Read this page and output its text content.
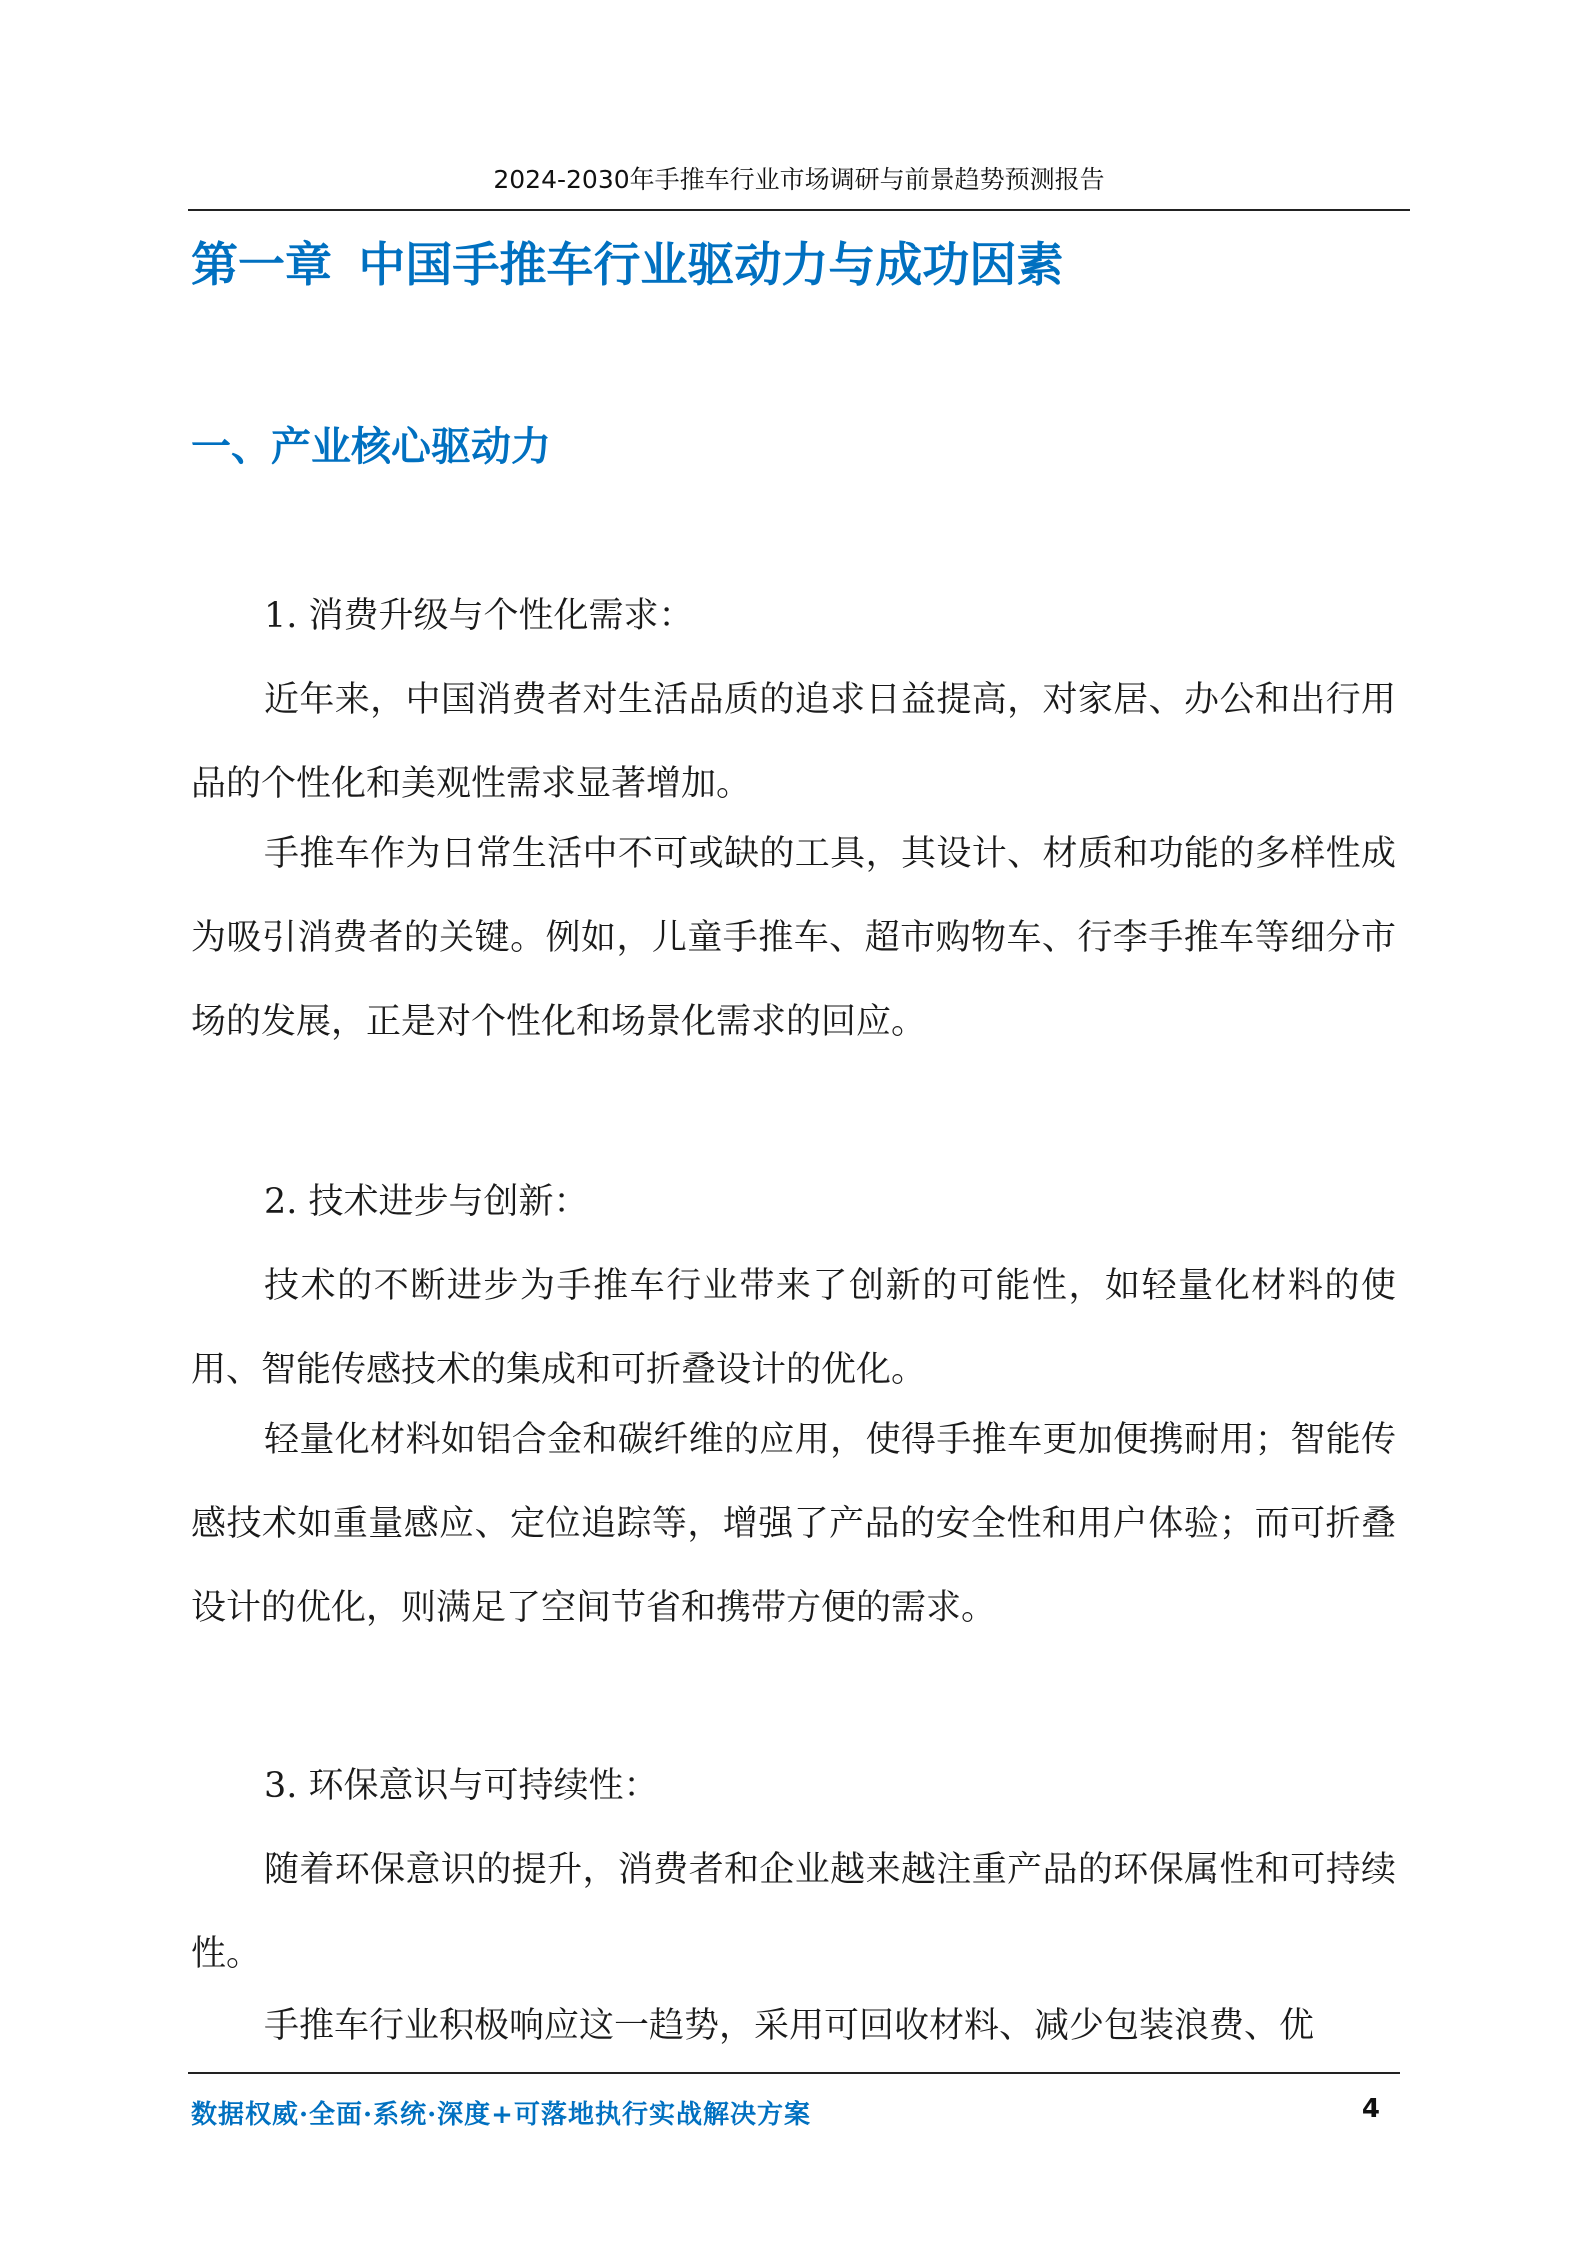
2024-2030年手推车行业市场调研与前景趋势预测报告
第一章 中国手推车行业驱动力与成功因素
一、产业核心驱动力

1. 消费升级与个性化需求：

近年来，中国消费者对生活品质的追求日益提高，对家居、办公和出行用品的个性化和美观性需求显著增加。

手推车作为日常生活中不可或缺的工具，其设计、材质和功能的多样性成为吸引消费者的关键。例如，儿童手推车、超市购物车、行李手推车等细分市场的发展，正是对个性化和场景化需求的回应。

2. 技术进步与创新：

技术的不断进步为手推车行业带来了创新的可能性，如轻量化材料的使用、智能传感技术的集成和可折叠设计的优化。

轻量化材料如铝合金和碳纤维的应用，使得手推车更加便携耐用；智能传感技术如重量感应、定位追踪等，增强了产品的安全性和用户体验；而可折叠设计的优化，则满足了空间节省和携带方便的需求。

3. 环保意识与可持续性：

随着环保意识的提升，消费者和企业越来越注重产品的环保属性和可持续性。

手推车行业积极响应这一趋势，采用可回收材料、减少包装浪费、优

数据权威·全面·系统·深度+可落地执行实战解决方案	4
